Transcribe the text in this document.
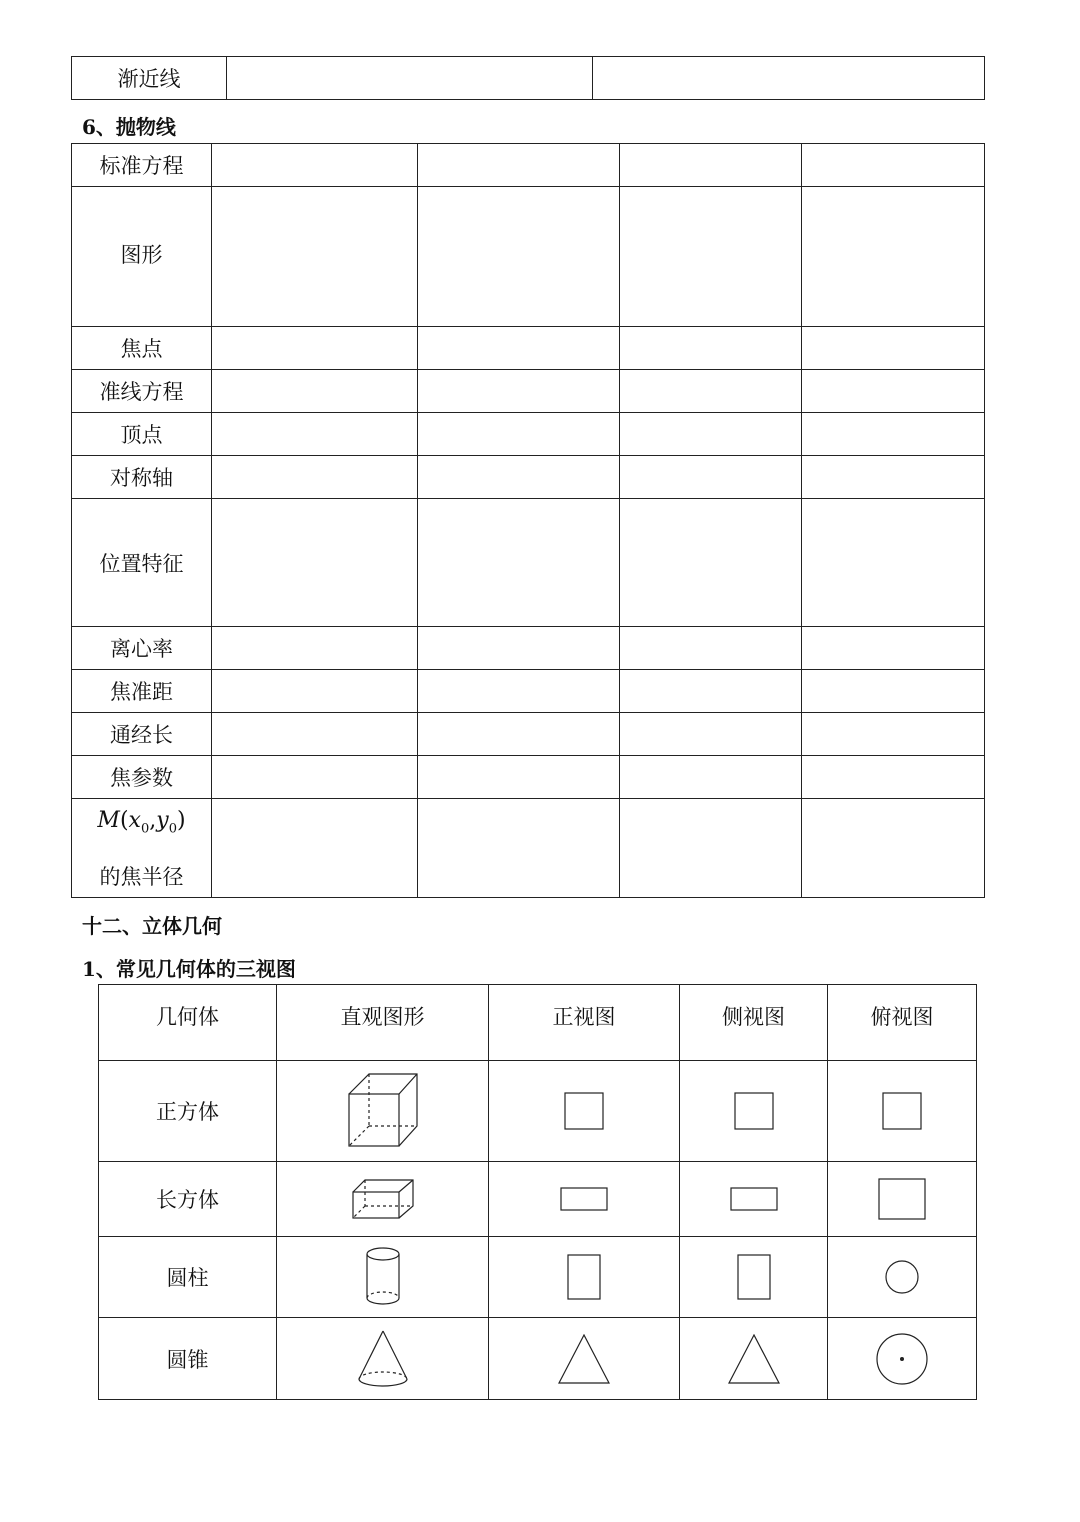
渐近线		
6、抛物线
标准方程				
图形				
焦点				
准线方程				
顶点				
对称轴				
位置特征				
离心率				
焦准距				
通经长				
焦参数				

$M(x_0,y_0)$
的焦半径				

十二、立体几何
1、常见几何体的三视图
几何体	直观图形	正视图	侧视图	俯视图
正方体	

长方体	

圆柱	

圆锥	
